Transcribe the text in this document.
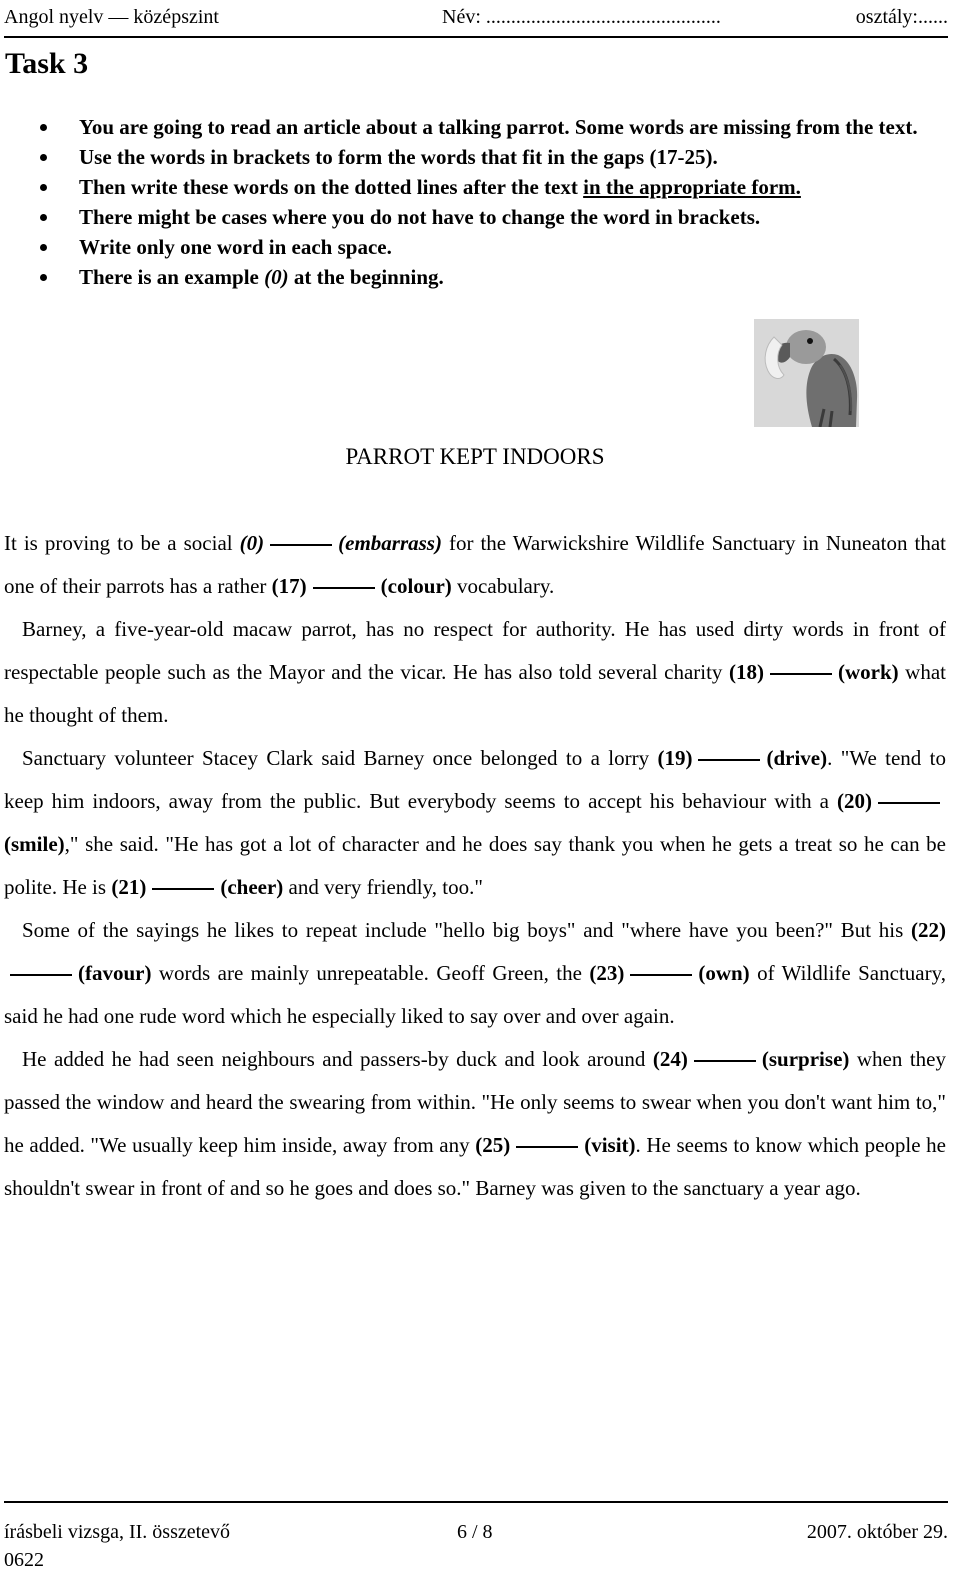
Angol nyelv — középszint	Név: ...............................................	osztály:......
Task 3
You are going to read an article about a talking parrot. Some words are missing from the text.
Use the words in brackets to form the words that fit in the gaps (17-25).
Then write these words on the dotted lines after the text in the appropriate form.
There might be cases where you do not have to change the word in brackets.
Write only one word in each space.
There is an example (0) at the beginning.
PARROT KEPT INDOORS

It is proving to be a social (0)	(embarrass) for the Warwickshire Wildlife Sanctuary in Nuneaton that one of their parrots has a rather (17)	(colour) vocabulary.

Barney, a five-year-old macaw parrot, has no respect for authority. He has used dirty words in front of respectable people such as the Mayor and the vicar. He has also told several charity (18)	(work) what he thought of them.

Sanctuary volunteer Stacey Clark said Barney once belonged to a lorry (19)	(drive). "We tend to keep him indoors, away from the public. But everybody seems to accept his behaviour with a (20)(smile)," she said. "He has got a lot of character and he does say thank you when he gets a treat so he can be polite. He is (21)	(cheer) and very friendly, too."

Some of the sayings he likes to repeat include "hello big boys" and "where have you been?" But his (22)(favour) words are mainly unrepeatable. Geoff Green, the (23)	(own) of Wildlife Sanctuary, said he had one rude word which he especially liked to say over and over again.

He added he had seen neighbours and passers-by duck and look around (24)	(surprise) when they passed the window and heard the swearing from within. "He only seems to swear when you don't want him to," he added. "We usually keep him inside, away from any (25)	(visit). He seems to know which people he shouldn't swear in front of and so he goes and does so." Barney was given to the sanctuary a year ago.

írásbeli vizsga, II. összetevő	6 / 8	2007. október 29.
0622
